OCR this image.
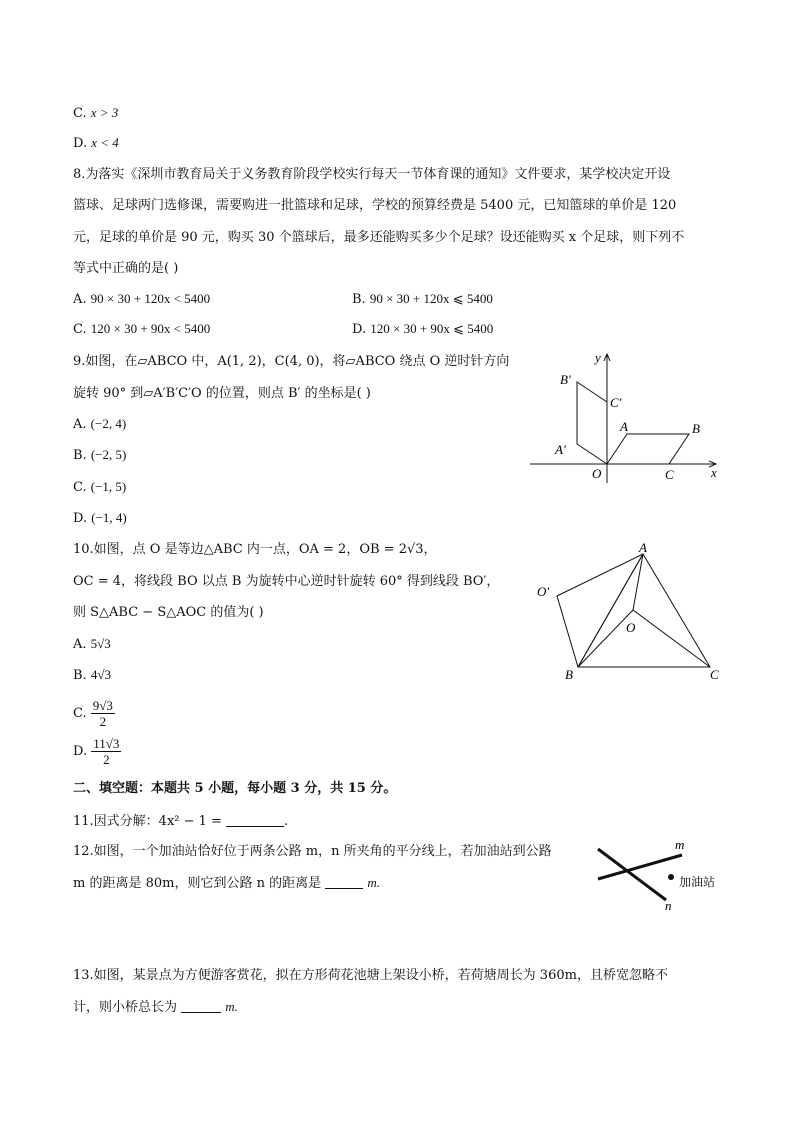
C. x > 3
D. x < 4
8.为落实《深圳市教育局关于义务教育阶段学校实行每天一节体育课的通知》文件要求，某学校决定开设
篮球、足球两门选修课，需要购进一批篮球和足球，学校的预算经费是 5400 元，已知篮球的单价是 120
元，足球的单价是 90 元，购买 30 个篮球后，最多还能购买多少个足球？设还能购买 x 个足球，则下列不
等式中正确的是( )
A. 90 × 30 + 120x < 5400	B. 90 × 30 + 120x ⩽ 5400
C. 120 × 30 + 90x < 5400	D. 120 × 30 + 90x ⩽ 5400
9.如图，在▱ABCO 中，A(1, 2)，C(4, 0)，将▱ABCO 绕点 O 逆时针方向
旋转 90° 到▱A′B′C′O 的位置，则点 B′ 的坐标是( )
A. (−2, 4)
B. (−2, 5)
C. (−1, 5)
D. (−1, 4)
y
x
O
A	B
C
A′
B′
C′
10.如图，点 O 是等边△ABC 内一点，OA = 2，OB = 2√3，
OC = 4，将线段 BO 以点 B 为旋转中心逆时针旋转 60° 得到线段 BO′，
则 S△ABC − S△AOC 的值为( )
A. 5√3
B. 4√3
C. $\frac{9√3}{2}$
D. $\frac{11√3}{2}$
A
B	C
O
O′
二、填空题：本题共 5 小题，每小题 3 分，共 15 分。
11.因式分解：4x² − 1 =	.
12.如图，一个加油站恰好位于两条公路 m，n 所夹角的平分线上，若加油站到公路
m 的距离是 80m，则它到公路 n 的距离是	m.
m
n
加油站
13.如图，某景点为方便游客赏花，拟在方形荷花池塘上架设小桥，若荷塘周长为 360m，且桥宽忽略不
计，则小桥总长为	m.
